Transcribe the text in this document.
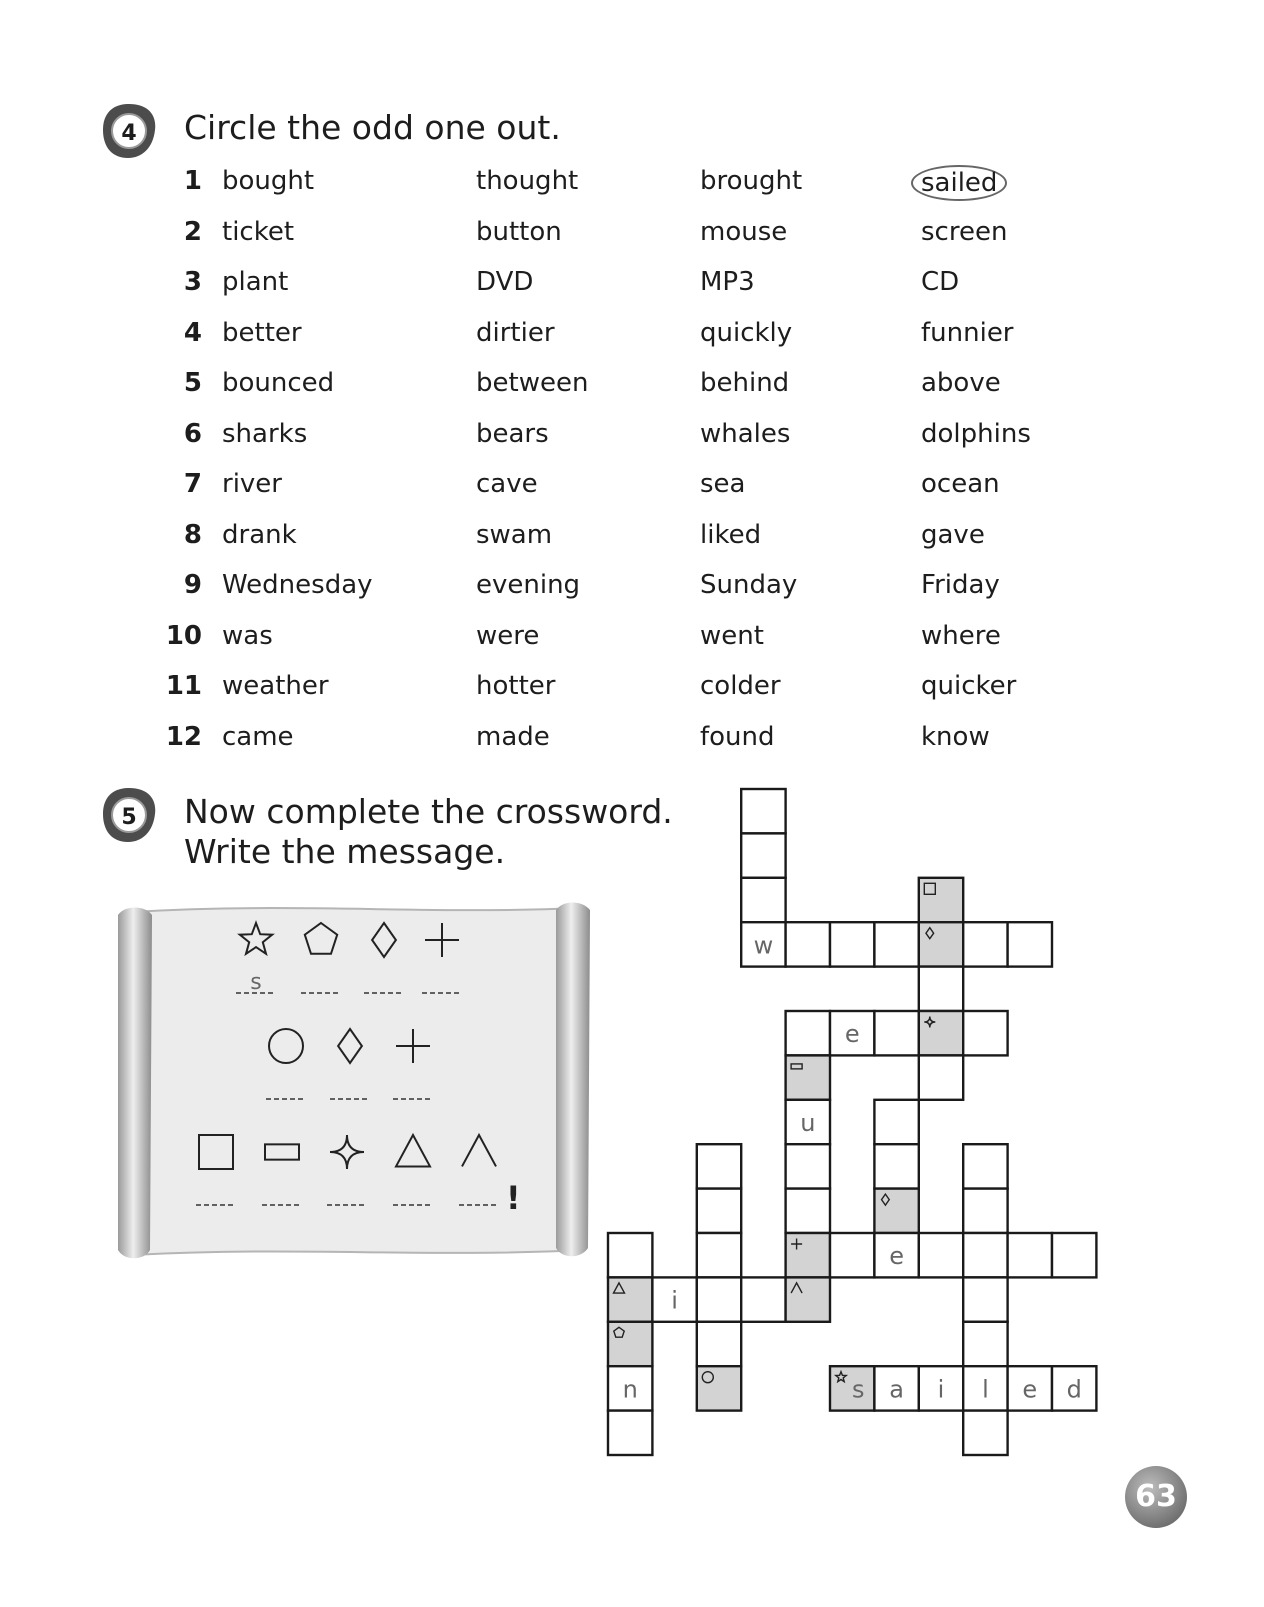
4 Circle the odd one out.
1 bought	thought	brought	sailed
2 ticket	button	mouse	screen
3 plant	DVD	MP3	CD
4 better	dirtier	quickly	funnier
5 bounced	between	behind	above
6 sharks	bears	whales	dolphins
7 river	cave	sea	ocean
8 drank	swam	liked	gave
9 Wednesday	evening	Sunday	Friday
10 was	were	went	where
11 weather	hotter	colder	quicker
12 came	made	found	know
5 Now complete the crossword.
Write the message.
s
!
w
e
u
e
i
n	s a i l e d
63
